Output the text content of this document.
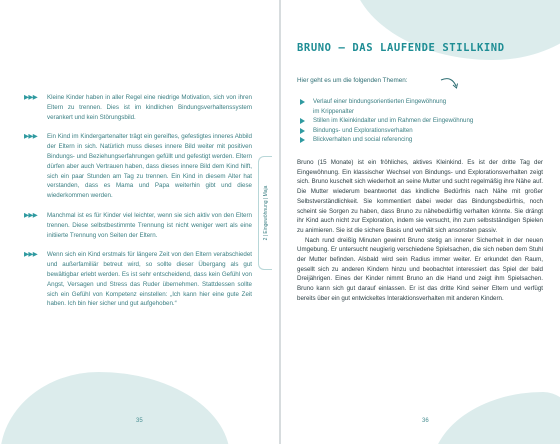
▶▶▶ Kleine Kinder haben in aller Regel eine niedrige Motivation, sich von ihren Eltern zu trennen. Dies ist im kindlichen Bindungsverhaltenssystem verankert und kein Störungsbild.
▶▶▶ Ein Kind im Kindergartenalter trägt ein gereiftes, gefestigtes inneres Abbild der Eltern in sich. Natürlich muss dieses innere Bild weiter mit positiven Bindungs- und Beziehungserfahrungen gefüllt und gefestigt werden. Eltern dürfen aber auch Vertrauen haben, dass dieses innere Bild dem Kind hilft, sich ein paar Stunden am Tag zu trennen. Ein Kind in diesem Alter hat verstanden, dass es Mama und Papa weiterhin gibt und diese wiederkommen werden.
▶▶▶ Manchmal ist es für Kinder viel leichter, wenn sie sich aktiv von den Eltern trennen. Diese selbstbestimmte Trennung ist nicht weniger wert als eine initiierte Trennung von Seiten der Eltern.
▶▶▶ Wenn sich ein Kind erstmals für längere Zeit von den Eltern verabschiedet und außerfamiliär betreut wird, so sollte dieser Übergang als gut bewältigbar erlebt werden. Es ist sehr entscheidend, dass kein Gefühl von Angst, Versagen und Stress das Ruder übernehmen. Stattdessen sollte sich ein Gefühl von Kompetenz einstellen: „Ich kann hier eine gute Zeit haben. Ich bin hier sicher und gut aufgehoben.“
2 | Eingewöhnung | Maja
35
BRUNO – DAS LAUFENDE STILLKIND
Hier geht es um die folgenden Themen:
Verlauf einer bindungsorientierten Eingewöhnung
im Krippenalter
Stillen im Kleinkindalter und im Rahmen der Eingewöhnung
Bindungs- und Explorationsverhalten
Blickverhalten und social referencing

Bruno (15 Monate) ist ein fröhliches, aktives Kleinkind. Es ist der dritte Tag der Eingewöhnung. Ein klassischer Wechsel von Bindungs- und Explorationsverhalten zeigt sich. Bruno kuschelt sich wiederholt an seine Mutter und sucht regelmäßig ihre Nähe auf. Die Mutter wiederum beantwortet das kindliche Bedürfnis nach Nähe mit großer Selbstverständlichkeit. Sie kommentiert dabei weder das Bindungsbedürfnis, noch scheint sie Sorgen zu haben, dass Bruno zu nähebedürftig verhalten könnte. Sie drängt ihr Kind auch nicht zur Exploration, indem sie versucht, ihn zum selbstständigen Spielen zu animieren. Sie ist die sichere Basis und verhält sich ansonsten passiv.

Nach rund dreißig Minuten gewinnt Bruno stetig an innerer Sicherheit in der neuen Umgebung. Er untersucht neugierig verschiedene Spielsachen, die sich neben dem Stuhl der Mutter befinden. Alsbald wird sein Radius immer weiter. Er erkundet den Raum, gesellt sich zu anderen Kindern hinzu und beobachtet interessiert das Spiel der bald Dreijährigen. Eines der Kinder nimmt Bruno an die Hand und zeigt ihm Spielsachen. Bruno kann sich gut darauf einlassen. Er ist das dritte Kind seiner Eltern und verfügt bereits über ein gut entwickeltes Interaktionsverhalten mit anderen Kindern.

36
